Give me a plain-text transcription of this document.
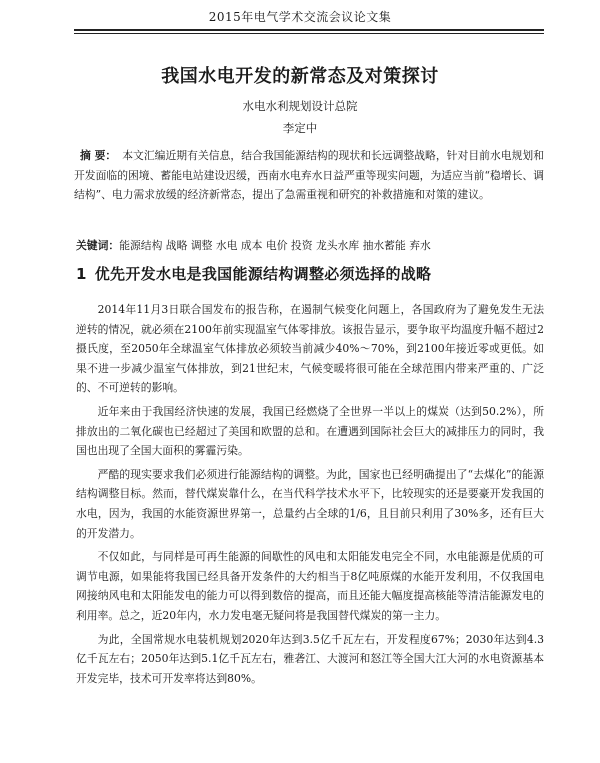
2015年电气学术交流会议论文集
我国水电开发的新常态及对策探讨
水电水利规划设计总院
李定中
摘 要： 本文汇编近期有关信息，结合我国能源结构的现状和长远调整战略，针对目前水电规划和开发面临的困境、蓄能电站建设迟缓，西南水电弃水日益严重等现实问题，为适应当前“稳增长、调结构”、电力需求放缓的经济新常态，提出了急需重视和研究的补救措施和对策的建议。
关键词：能源结构 战略 调整 水电 成本 电价 投资 龙头水库 抽水蓄能 弃水
1 优先开发水电是我国能源结构调整必须选择的战略

2014年11月3日联合国发布的报告称，在遏制气候变化问题上，各国政府为了避免发生无法逆转的情况，就必须在2100年前实现温室气体零排放。该报告显示，要争取平均温度升幅不超过2摄氏度，至2050年全球温室气体排放必须较当前减少40%～70%，到2100年接近零或更低。如果不进一步减少温室气体排放，到21世纪末，气候变暖将很可能在全球范围内带来严重的、广泛的、不可逆转的影响。

近年来由于我国经济快速的发展，我国已经燃烧了全世界一半以上的煤炭（达到50.2%），所排放出的二氧化碳也已经超过了美国和欧盟的总和。在遭遇到国际社会巨大的减排压力的同时，我国也出现了全国大面积的雾霾污染。

严酷的现实要求我们必须进行能源结构的调整。为此，国家也已经明确提出了“去煤化”的能源结构调整目标。然而，替代煤炭靠什么，在当代科学技术水平下，比较现实的还是要豪开发我国的水电，因为，我国的水能资源世界第一，总量约占全球的1/6，且目前只利用了30%多，还有巨大的开发潜力。

不仅如此，与同样是可再生能源的间歇性的风电和太阳能发电完全不同，水电能源是优质的可调节电源，如果能将我国已经具备开发条件的大约相当于8亿吨原煤的水能开发利用，不仅我国电网接纳风电和太阳能发电的能力可以得到数倍的提高，而且还能大幅度提高核能等清洁能源发电的利用率。总之，近20年内，水力发电毫无疑问将是我国替代煤炭的第一主力。

为此，全国常规水电装机规划2020年达到3.5亿千瓦左右，开发程度67%；2030年达到4.3亿千瓦左右；2050年达到5.1亿千瓦左右，雅砻江、大渡河和怒江等全国大江大河的水电资源基本开发完毕，技术可开发率将达到80%。
